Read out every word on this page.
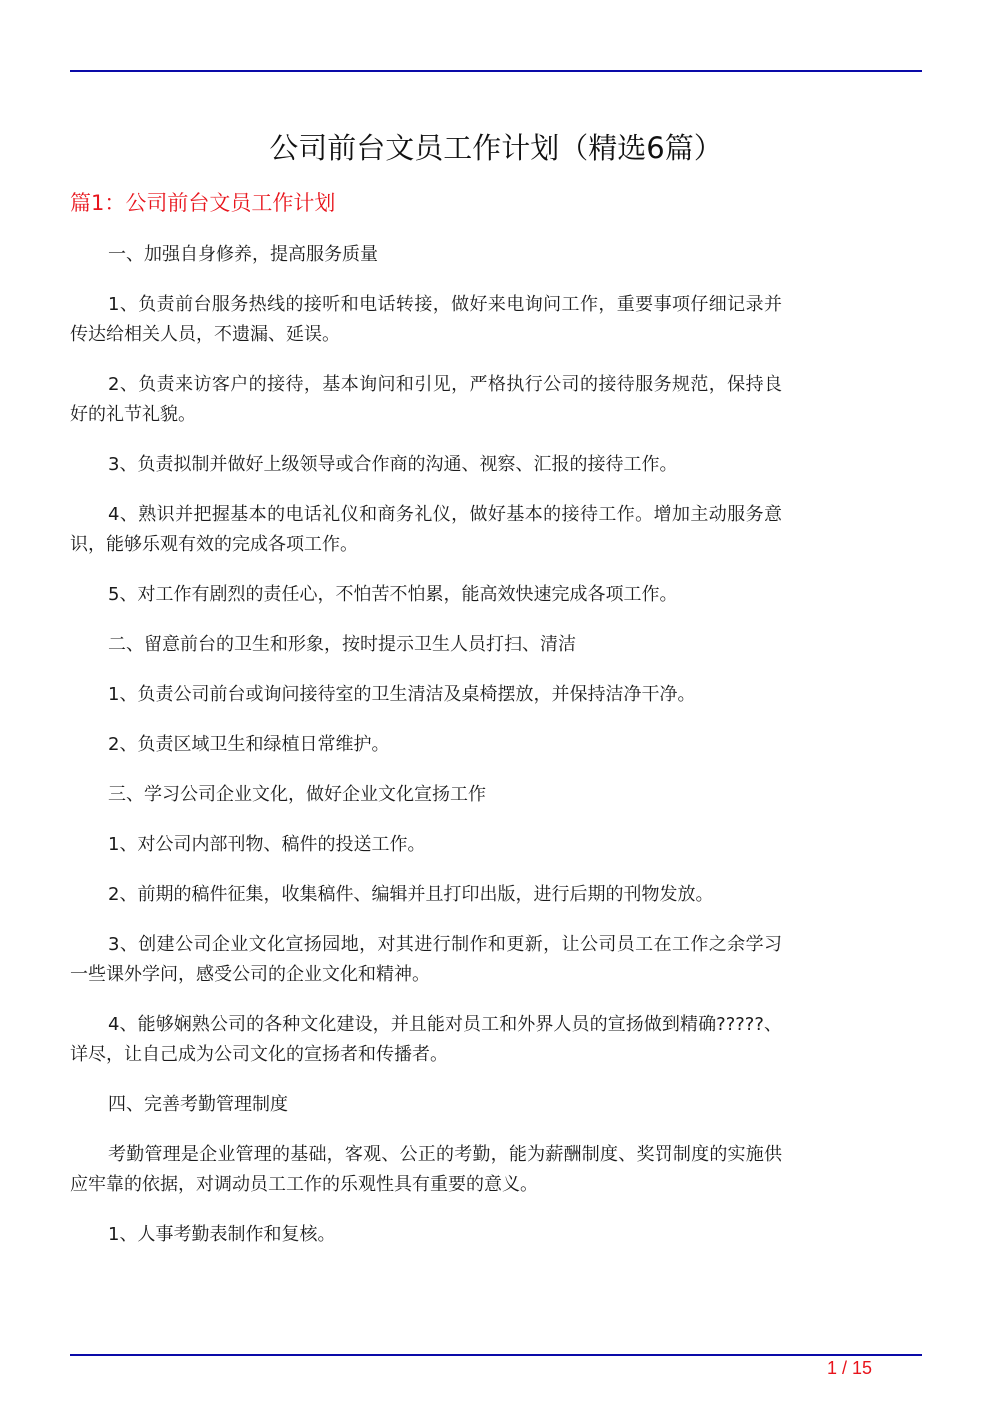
公司前台文员工作计划（精选6篇）
篇1：公司前台文员工作计划

一、加强自身修养，提高服务质量

1、负责前台服务热线的接听和电话转接，做好来电询问工作，重要事项仔细记录并传达给相关人员，不遗漏、延误。

2、负责来访客户的接待，基本询问和引见，严格执行公司的接待服务规范，保持良好的礼节礼貌。

3、负责拟制并做好上级领导或合作商的沟通、视察、汇报的接待工作。

4、熟识并把握基本的电话礼仪和商务礼仪，做好基本的接待工作。增加主动服务意识，能够乐观有效的完成各项工作。

5、对工作有剧烈的责任心，不怕苦不怕累，能高效快速完成各项工作。

二、留意前台的卫生和形象，按时提示卫生人员打扫、清洁

1、负责公司前台或询问接待室的卫生清洁及桌椅摆放，并保持洁净干净。

2、负责区域卫生和绿植日常维护。

三、学习公司企业文化，做好企业文化宣扬工作

1、对公司内部刊物、稿件的投送工作。

2、前期的稿件征集，收集稿件、编辑并且打印出版，进行后期的刊物发放。

3、创建公司企业文化宣扬园地，对其进行制作和更新，让公司员工在工作之余学习一些课外学问，感受公司的企业文化和精神。

4、能够娴熟公司的各种文化建设，并且能对员工和外界人员的宣扬做到精确?????、详尽，让自己成为公司文化的宣扬者和传播者。

四、完善考勤管理制度

考勤管理是企业管理的基础，客观、公正的考勤，能为薪酬制度、奖罚制度的实施供应牢靠的依据，对调动员工工作的乐观性具有重要的意义。

1、人事考勤表制作和复核。

1 / 15
